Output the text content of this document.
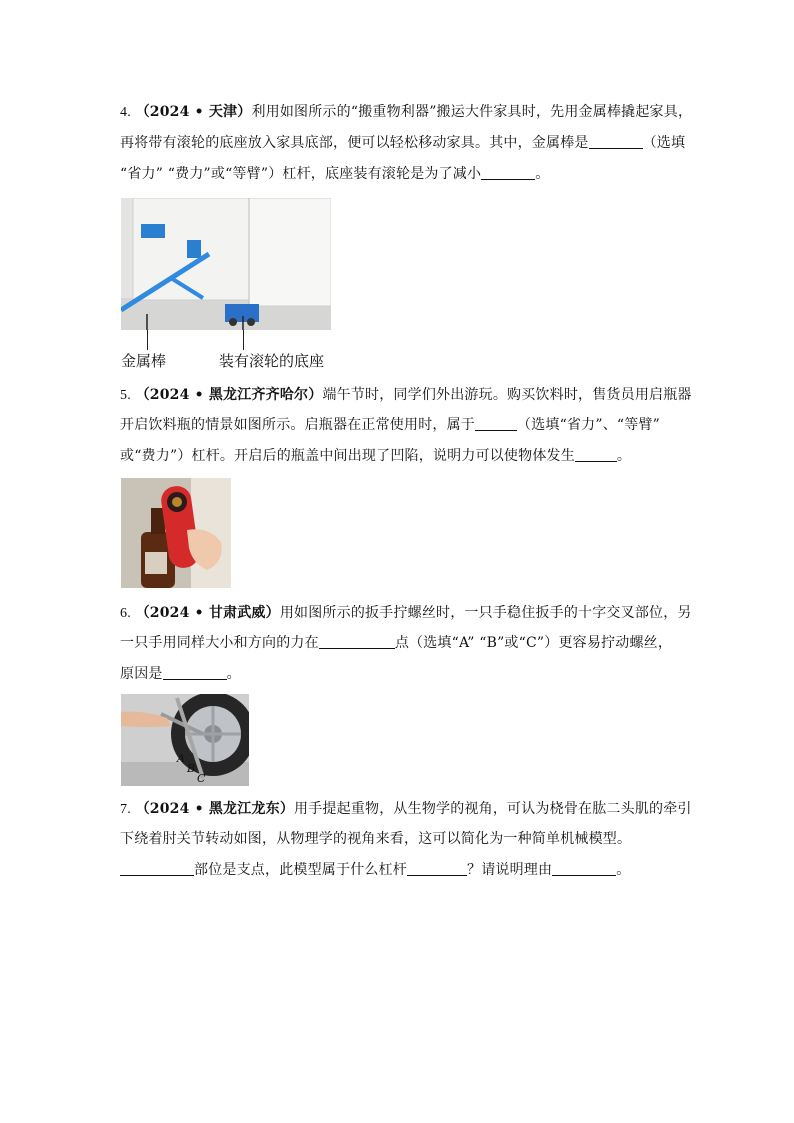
4. （2024 • 天津）利用如图所示的“搬重物利器”搬运大件家具时，先用金属棒撬起家具，
再将带有滚轮的底座放入家具底部，便可以轻松移动家具。其中，金属棒是	（选填
“省力” “费力”或“等臂”）杠杆，底座装有滚轮是为了减小	。
金属棒	装有滚轮的底座
5. （2024 • 黑龙江齐齐哈尔）端午节时，同学们外出游玩。购买饮料时，售货员用启瓶器
开启饮料瓶的情景如图所示。启瓶器在正常使用时，属于	（选填“省力”、“等臂”
或“费力”）杠杆。开启后的瓶盖中间出现了凹陷，说明力可以使物体发生	。
6. （2024 • 甘肃武威）用如图所示的扳手拧螺丝时，一只手稳住扳手的十字交叉部位，另
一只手用同样大小和方向的力在	点（选填“A” “B”或“C”）更容易拧动螺丝，
原因是	。
A
B
C
7. （2024 • 黑龙江龙东）用手提起重物，从生物学的视角，可认为桡骨在肱二头肌的牵引
下绕着肘关节转动如图，从物理学的视角来看，这可以简化为一种简单机械模型。
部位是支点，此模型属于什么杠杆	？请说明理由	。
